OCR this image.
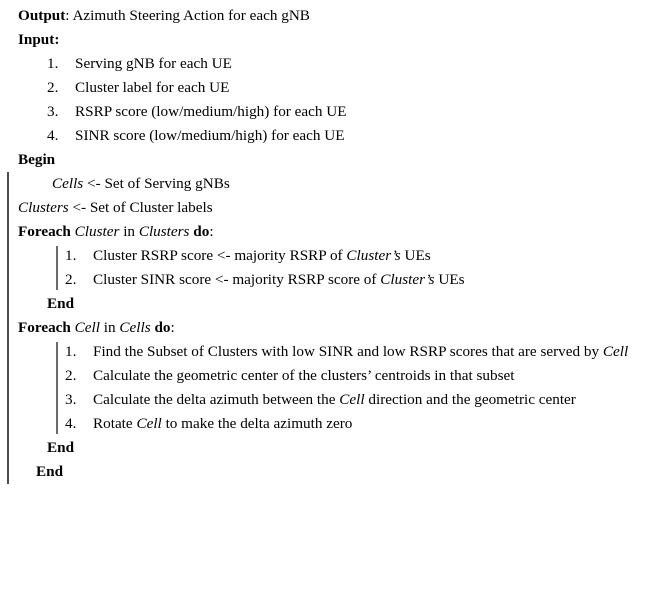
Output: Azimuth Steering Action for each gNB
Input:
1.	Serving gNB for each UE
2.	Cluster label for each UE
3.	RSRP score (low/medium/high) for each UE
4.	SINR score (low/medium/high) for each UE
Begin
Cells <- Set of Serving gNBs
Clusters <- Set of Cluster labels
Foreach Cluster in Clusters do:
1.	Cluster RSRP score <- majority RSRP of Cluster’s UEs
2.	Cluster SINR score <- majority RSRP score of Cluster’s UEs
End
Foreach Cell in Cells do:
1.	Find the Subset of Clusters with low SINR and low RSRP scores that are served by Cell
2.	Calculate the geometric center of the clusters’ centroids in that subset
3.	Calculate the delta azimuth between the Cell direction and the geometric center
4.	Rotate Cell to make the delta azimuth zero
End
End
